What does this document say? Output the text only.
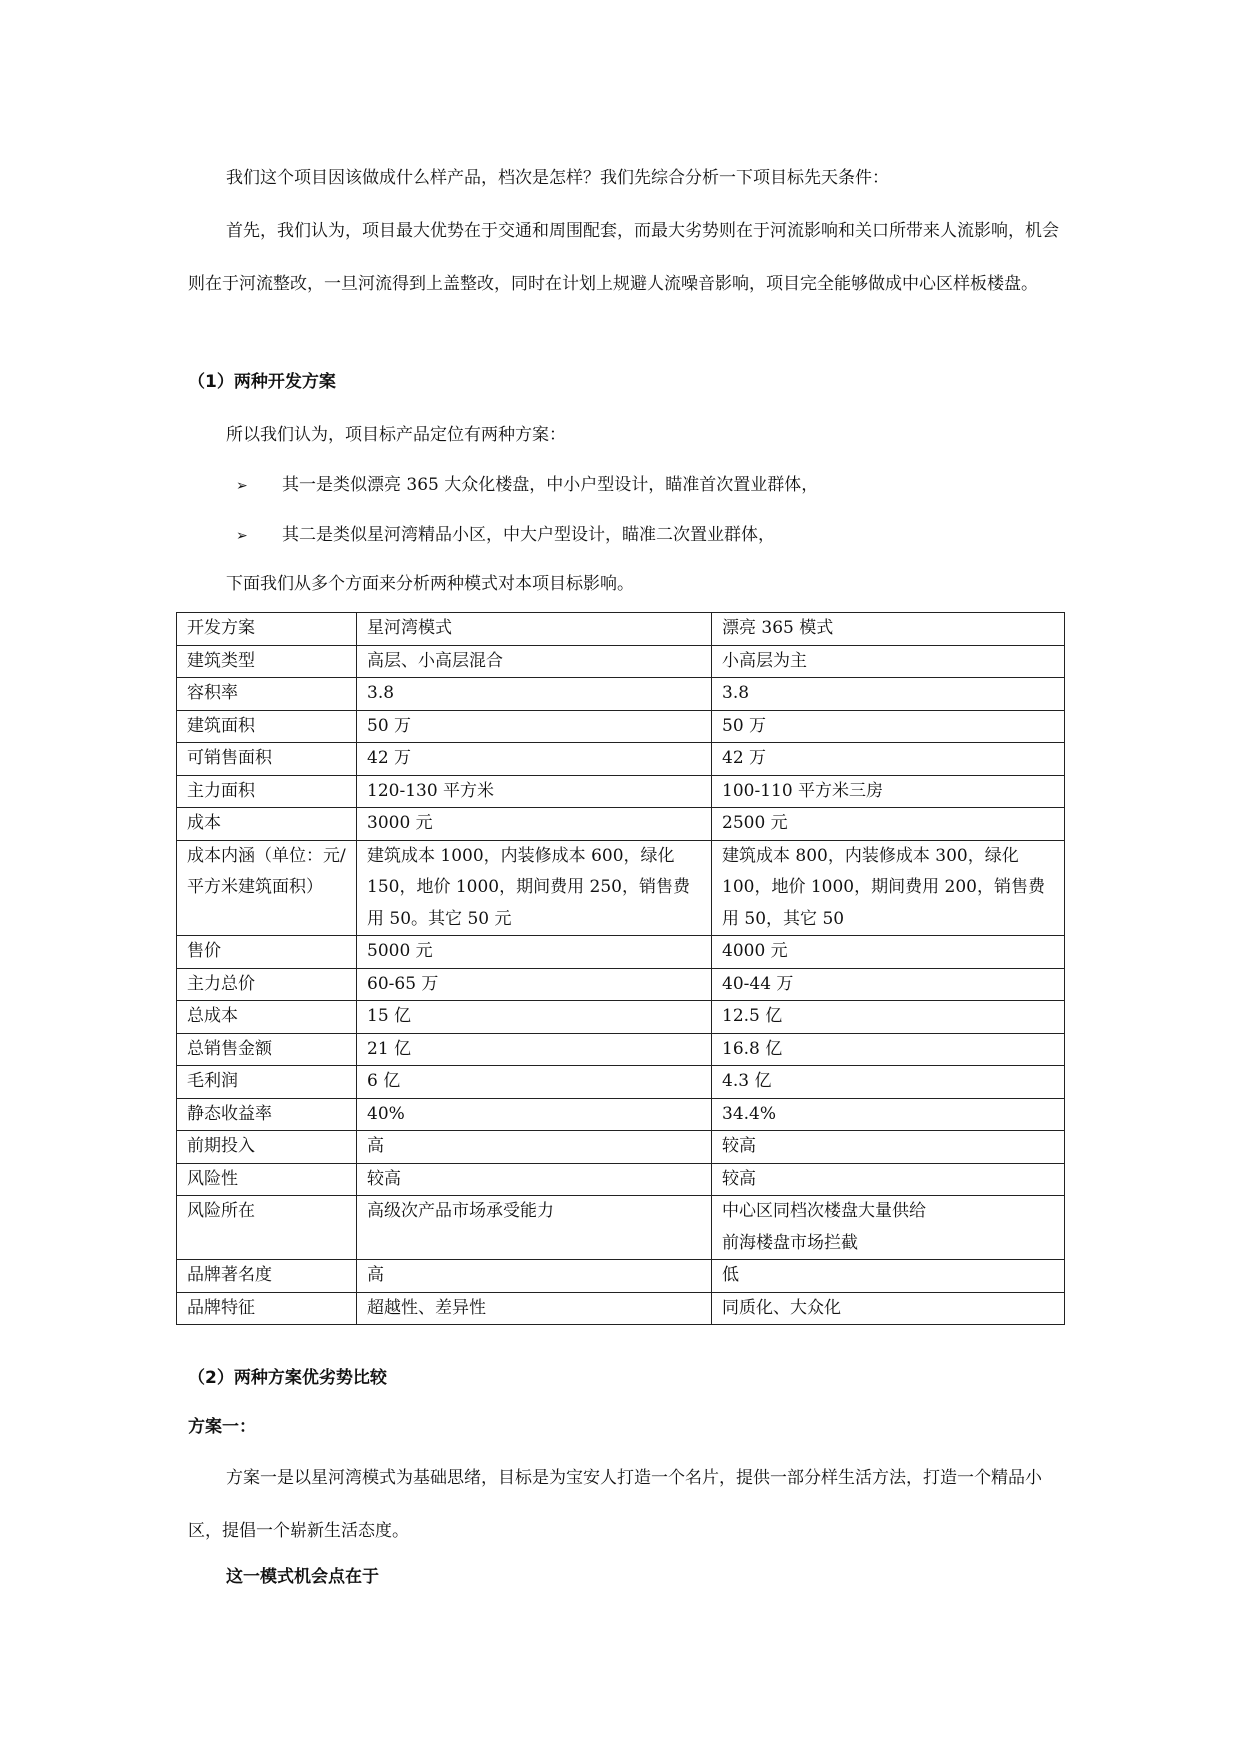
我们这个项目因该做成什么样产品，档次是怎样？我们先综合分析一下项目标先天条件：

首先，我们认为，项目最大优势在于交通和周围配套，而最大劣势则在于河流影响和关口所带来人流影响，机会则在于河流整改，一旦河流得到上盖整改，同时在计划上规避人流噪音影响，项目完全能够做成中心区样板楼盘。

（1）两种开发方案

所以我们认为，项目标产品定位有两种方案：

➢ 其一是类似漂亮 365 大众化楼盘，中小户型设计，瞄准首次置业群体，
➢ 其二是类似星河湾精品小区，中大户型设计，瞄准二次置业群体，

下面我们从多个方面来分析两种模式对本项目标影响。

开发方案	星河湾模式	漂亮 365 模式
建筑类型	高层、小高层混合	小高层为主
容积率	3.8	3.8
建筑面积	50 万	50 万
可销售面积	42 万	42 万
主力面积	120-130 平方米	100-110 平方米三房
成本	3000 元	2500 元
成本内涵（单位：元/平方米建筑面积）	建筑成本 1000，内装修成本 600，绿化 150，地价 1000，期间费用 250，销售费用 50。其它 50 元	建筑成本 800，内装修成本 300，绿化 100，地价 1000，期间费用 200，销售费用 50，其它 50
售价	5000 元	4000 元
主力总价	60-65 万	40-44 万
总成本	15 亿	12.5 亿
总销售金额	21 亿	16.8 亿
毛利润	6 亿	4.3 亿
静态收益率	40%	34.4%
前期投入	高	较高
风险性	较高	较高
风险所在	高级次产品市场承受能力	中心区同档次楼盘大量供给
前海楼盘市场拦截
品牌著名度	高	低
品牌特征	超越性、差异性	同质化、大众化

（2）两种方案优劣势比较

方案一：

方案一是以星河湾模式为基础思绪，目标是为宝安人打造一个名片，提供一部分样生活方法，打造一个精品小区，提倡一个崭新生活态度。

这一模式机会点在于
